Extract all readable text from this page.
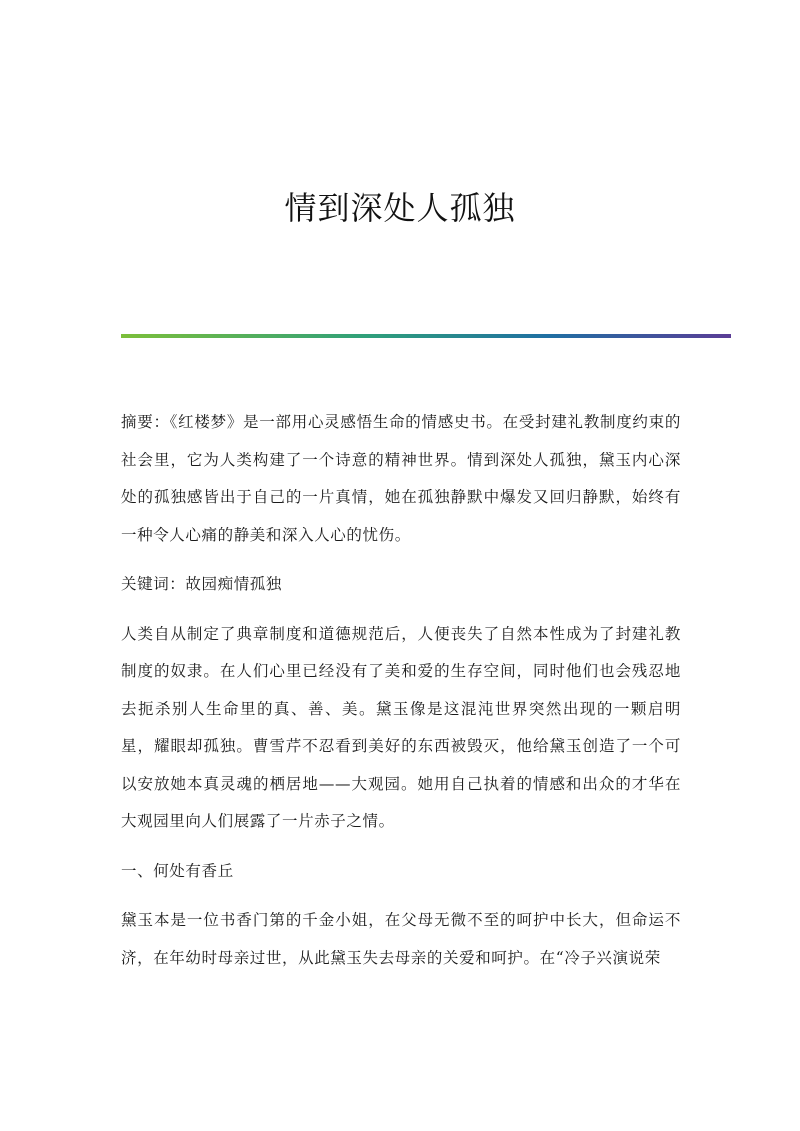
情到深处人孤独

摘要：《红楼梦》是一部用心灵感悟生命的情感史书。在受封建礼教制度约束的社会里，它为人类构建了一个诗意的精神世界。情到深处人孤独，黛玉内心深处的孤独感皆出于自己的一片真情，她在孤独静默中爆发又回归静默，始终有一种令人心痛的静美和深入人心的忧伤。

关键词：故园痴情孤独

人类自从制定了典章制度和道德规范后，人便丧失了自然本性成为了封建礼教制度的奴隶。在人们心里已经没有了美和爱的生存空间，同时他们也会残忍地去扼杀别人生命里的真、善、美。黛玉像是这混沌世界突然出现的一颗启明星，耀眼却孤独。曹雪芹不忍看到美好的东西被毁灭，他给黛玉创造了一个可以安放她本真灵魂的栖居地——大观园。她用自己执着的情感和出众的才华在大观园里向人们展露了一片赤子之情。

一、何处有香丘

黛玉本是一位书香门第的千金小姐，在父母无微不至的呵护中长大，但命运不济，在年幼时母亲过世，从此黛玉失去母亲的关爱和呵护。在“冷子兴演说荣
